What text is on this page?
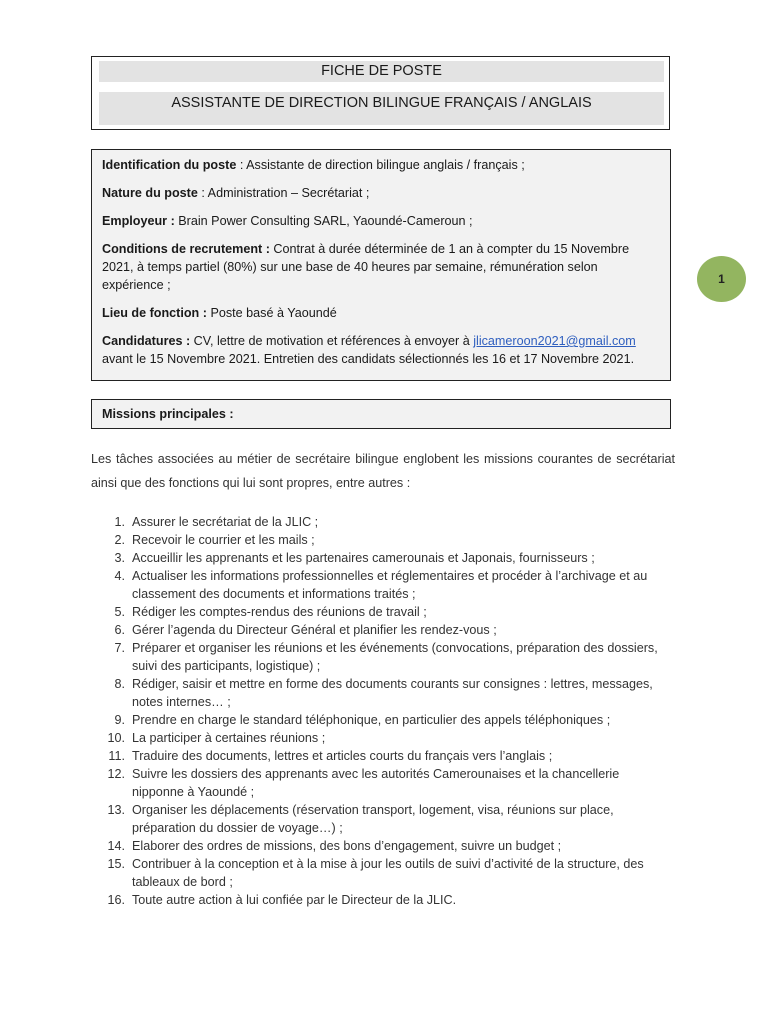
FICHE DE POSTE
ASSISTANTE DE DIRECTION BILINGUE FRANÇAIS / ANGLAIS

Identification du poste : Assistante de direction bilingue anglais / français ;

Nature du poste : Administration – Secrétariat ;

Employeur : Brain Power Consulting SARL, Yaoundé-Cameroun ;

Conditions de recrutement : Contrat à durée déterminée de 1 an à compter du 15 Novembre 2021, à temps partiel (80%) sur une base de 40 heures par semaine, rémunération selon expérience ;

Lieu de fonction : Poste basé à Yaoundé

Candidatures : CV, lettre de motivation et références à envoyer à jlicameroon2021@gmail.com avant le 15 Novembre 2021. Entretien des candidats sélectionnés les 16 et 17 Novembre 2021.

Missions principales :
Les tâches associées au métier de secrétaire bilingue englobent les missions courantes de secrétariat ainsi que des fonctions qui lui sont propres, entre autres :
1. Assurer le secrétariat de la JLIC ;
2. Recevoir le courrier et les mails ;
3. Accueillir les apprenants et les partenaires camerounais et Japonais, fournisseurs ;
4. Actualiser les informations professionnelles et réglementaires et procéder à l’archivage et au classement des documents et informations traités ;
5. Rédiger les comptes-rendus des réunions de travail ;
6. Gérer l’agenda du Directeur Général et planifier les rendez-vous ;
7. Préparer et organiser les réunions et les événements (convocations, préparation des dossiers, suivi des participants, logistique) ;
8. Rédiger, saisir et mettre en forme des documents courants sur consignes : lettres, messages, notes internes… ;
9. Prendre en charge le standard téléphonique, en particulier des appels téléphoniques ;
10. La participer à certaines réunions ;
11. Traduire des documents, lettres et articles courts du français vers l’anglais ;
12. Suivre les dossiers des apprenants avec les autorités Camerounaises et la chancellerie nipponne à Yaoundé ;
13. Organiser les déplacements (réservation transport, logement, visa, réunions sur place, préparation du dossier de voyage…) ;
14. Elaborer des ordres de missions, des bons d’engagement, suivre un budget ;
15. Contribuer à la conception et à la mise à jour les outils de suivi d’activité de la structure, des tableaux de bord ;
16. Toute autre action à lui confiée par le Directeur de la JLIC.
1
